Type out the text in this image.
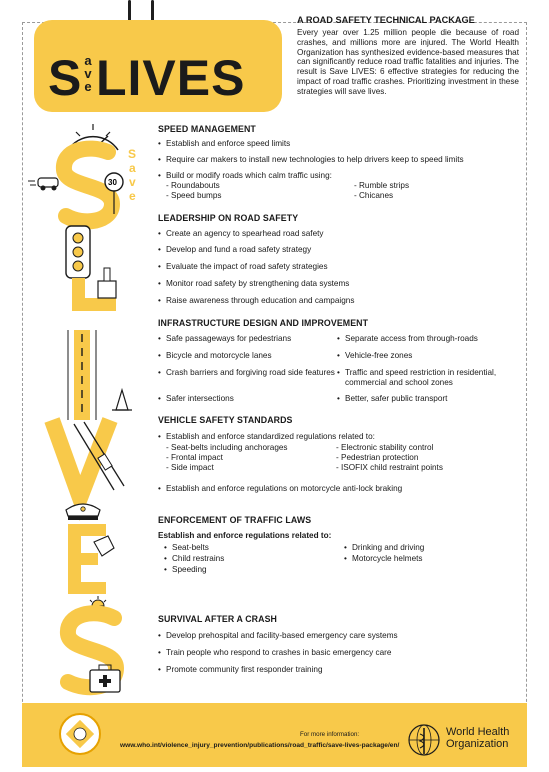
S a
v
e LIVES

A ROAD SAFETY TECHNICAL PACKAGE

Every year over 1.25 million people die because of road crashes, and millions more are injured. The World Health Organization has synthesized evidence-based measures that can significantly reduce road traffic fatalities and injuries. The result is Save LIVES: 6 effective strategies for reducing the impact of road traffic crashes. Prioritizing investment in these strategies will save lives.

30
S
a
v
e

SPEED MANAGEMENT

• Establish and enforce speed limits
• Require car makers to install new technologies to help drivers keep to speed limits
• Build or modify roads which calm traffic using:
- Roundabouts
- Speed bumps
- Rumble strips
- Chicanes

LEADERSHIP ON ROAD SAFETY

• Create an agency to spearhead road safety
• Develop and fund a road safety strategy
• Evaluate the impact of road safety strategies
• Monitor road safety by strengthening data systems
• Raise awareness through education and campaigns

INFRASTRUCTURE DESIGN AND IMPROVEMENT

• Safe passageways for pedestrians
• Bicycle and motorcycle lanes
• Crash barriers and forgiving road side features
• Safer intersections
• Separate access from through-roads
• Vehicle-free zones
• Traffic and speed restriction in residential, commercial and school zones
• Better, safer public transport

VEHICLE SAFETY STANDARDS

• Establish and enforce standardized regulations related to:
- Seat-belts including anchorages
- Frontal impact
- Side impact
- Electronic stability control
- Pedestrian protection
- ISOFIX child restraint points
• Establish and enforce regulations on motorcycle anti-lock braking

ENFORCEMENT OF TRAFFIC LAWS

Establish and enforce regulations related to:
• Seat-belts
• Child restrains
• Speeding
• Drinking and driving
• Motorcycle helmets

SURVIVAL AFTER A CRASH

• Develop prehospital and facility-based emergency care systems
• Train people who respond to crashes in basic emergency care
• Promote community first responder training

For more information:

www.who.int/violence_injury_prevention/publications/road_traffic/save-lives-package/en/

World Health
Organization
